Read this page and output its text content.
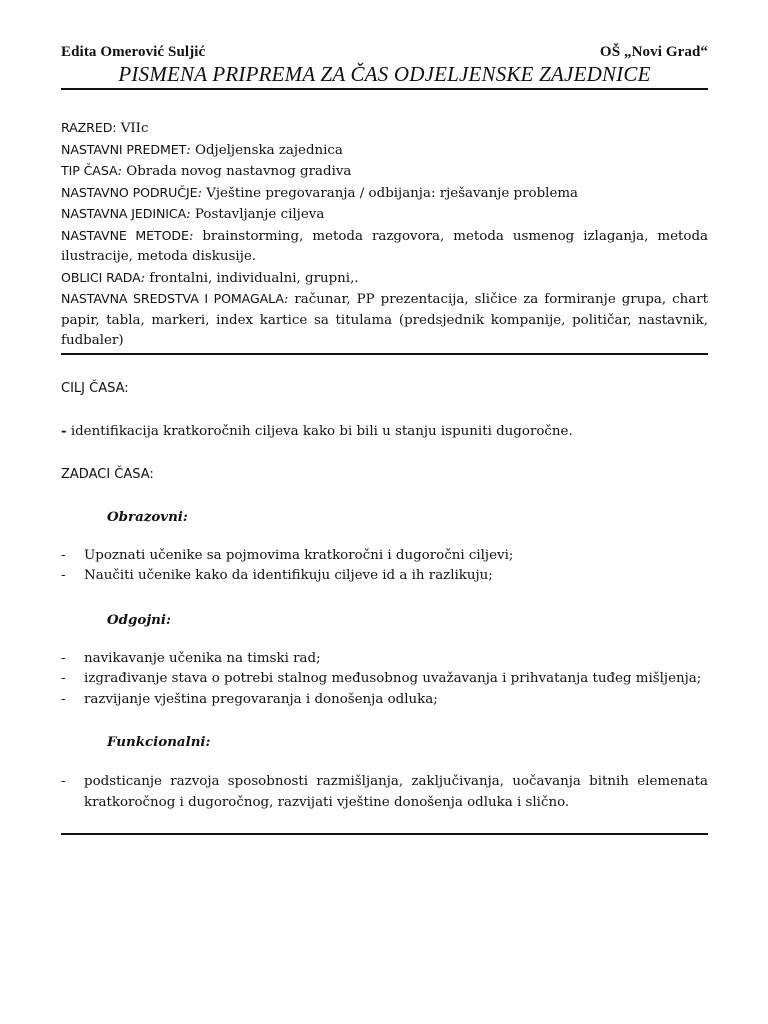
Edita Omerović Suljić	OŠ „Novi Grad“
PISMENA PRIPREMA ZA ČAS ODJELJENSKE ZAJEDNICE
RAZRED: VIIc
NASTAVNI PREDMET: Odjeljenska zajednica
TIP ČASA: Obrada novog nastavnog gradiva
NASTAVNO PODRUČJE: Vještine pregovaranja / odbijanja: rješavanje problema
NASTAVNA JEDINICA: Postavljanje ciljeva
NASTAVNE METODE: brainstorming, metoda razgovora, metoda usmenog izlaganja, metoda ilustracije, metoda diskusije.
OBLICI RADA: frontalni, individualni, grupni,.
NASTAVNA SREDSTVA I POMAGALA: računar, PP prezentacija, sličice za formiranje grupa, chart papir, tabla, markeri, index kartice sa titulama (predsjednik kompanije, političar, nastavnik, fudbaler)
CILJ ČASA:
- identifikacija kratkoročnih ciljeva kako bi bili u stanju ispuniti dugoročne.
ZADACI ČASA:
Obrazovni:
- Upoznati učenike sa pojmovima kratkoročni i dugoročni ciljevi;
- Naučiti učenike kako da identifikuju ciljeve id a ih razlikuju;
Odgojni:
- navikavanje učenika na timski rad;
- izgrađivanje stava o potrebi stalnog međusobnog uvažavanja i prihvatanja tuđeg mišljenja;
- razvijanje vještina pregovaranja i donošenja odluka;
Funkcionalni:
- podsticanje razvoja sposobnosti razmišljanja, zaključivanja, uočavanja bitnih elemenata kratkoročnog i dugoročnog, razvijati vještine donošenja odluka i slično.
